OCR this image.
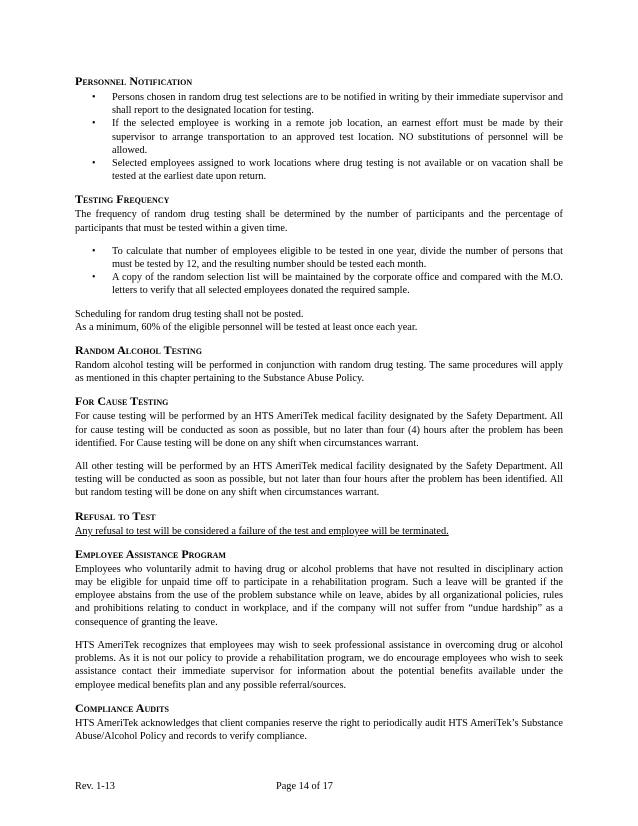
Personnel Notification
• Persons chosen in random drug test selections are to be notified in writing by their immediate supervisor and shall report to the designated location for testing.
• If the selected employee is working in a remote job location, an earnest effort must be made by their supervisor to arrange transportation to an approved test location. NO substitutions of personnel will be allowed.
• Selected employees assigned to work locations where drug testing is not available or on vacation shall be tested at the earliest date upon return.
Testing Frequency

The frequency of random drug testing shall be determined by the number of participants and the percentage of participants that must be tested within a given time.

• To calculate that number of employees eligible to be tested in one year, divide the number of persons that must be tested by 12, and the resulting number should be tested each month.
• A copy of the random selection list will be maintained by the corporate office and compared with the M.O. letters to verify that all selected employees donated the required sample.
Scheduling for random drug testing shall not be posted.
As a minimum, 60% of the eligible personnel will be tested at least once each year.
Random Alcohol Testing

Random alcohol testing will be performed in conjunction with random drug testing. The same procedures will apply as mentioned in this chapter pertaining to the Substance Abuse Policy.

For Cause Testing

For cause testing will be performed by an HTS AmeriTek medical facility designated by the Safety Department. All for cause testing will be conducted as soon as possible, but no later than four (4) hours after the problem has been identified. For Cause testing will be done on any shift when circumstances warrant.

All other testing will be performed by an HTS AmeriTek medical facility designated by the Safety Department. All testing will be conducted as soon as possible, but not later than four hours after the problem has been identified. All but random testing will be done on any shift when circumstances warrant.

Refusal to Test

Any refusal to test will be considered a failure of the test and employee will be terminated.

Employee Assistance Program

Employees who voluntarily admit to having drug or alcohol problems that have not resulted in disciplinary action may be eligible for unpaid time off to participate in a rehabilitation program. Such a leave will be granted if the employee abstains from the use of the problem substance while on leave, abides by all organizational policies, rules and prohibitions relating to conduct in workplace, and if the company will not suffer from “undue hardship” as a consequence of granting the leave.

HTS AmeriTek recognizes that employees may wish to seek professional assistance in overcoming drug or alcohol problems. As it is not our policy to provide a rehabilitation program, we do encourage employees who wish to seek assistance contact their immediate supervisor for information about the potential benefits available under the employee medical benefits plan and any possible referral/sources.

Compliance Audits

HTS AmeriTek acknowledges that client companies reserve the right to periodically audit HTS AmeriTek’s Substance Abuse/Alcohol Policy and records to verify compliance.

Rev. 1-13	Page 14 of 17
